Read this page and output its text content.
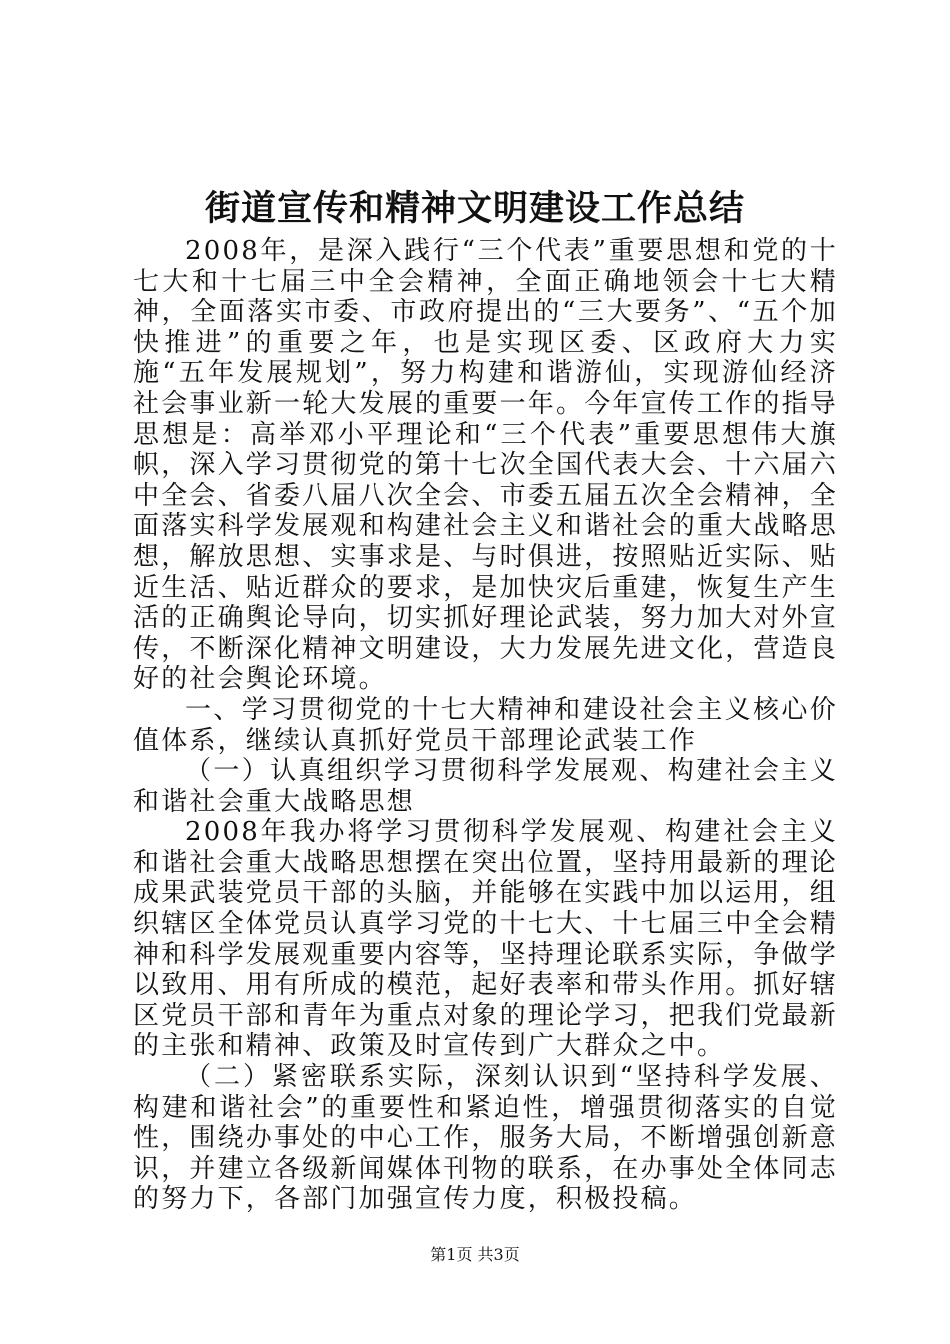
街道宣传和精神文明建设工作总结

2008年，是深入践行“三个代表”重要思想和党的十七大和十七届三中全会精神，全面正确地领会十七大精神，全面落实市委、市政府提出的“三大要务”、“五个加快推进”的重要之年，也是实现区委、区政府大力实施“五年发展规划”，努力构建和谐游仙，实现游仙经济社会事业新一轮大发展的重要一年。今年宣传工作的指导思想是：高举邓小平理论和“三个代表”重要思想伟大旗帜，深入学习贯彻党的第十七次全国代表大会、十六届六中全会、省委八届八次全会、市委五届五次全会精神，全面落实科学发展观和构建社会主义和谐社会的重大战略思想，解放思想、实事求是、与时俱进，按照贴近实际、贴近生活、贴近群众的要求，是加快灾后重建，恢复生产生活的正确舆论导向，切实抓好理论武装，努力加大对外宣传，不断深化精神文明建设，大力发展先进文化，营造良好的社会舆论环境。

一、学习贯彻党的十七大精神和建设社会主义核心价值体系，继续认真抓好党员干部理论武装工作

（一）认真组织学习贯彻科学发展观、构建社会主义和谐社会重大战略思想

2008年我办将学习贯彻科学发展观、构建社会主义和谐社会重大战略思想摆在突出位置，坚持用最新的理论成果武装党员干部的头脑，并能够在实践中加以运用，组织辖区全体党员认真学习党的十七大、十七届三中全会精神和科学发展观重要内容等，坚持理论联系实际，争做学以致用、用有所成的模范，起好表率和带头作用。抓好辖区党员干部和青年为重点对象的理论学习，把我们党最新的主张和精神、政策及时宣传到广大群众之中。

（二）紧密联系实际，深刻认识到“坚持科学发展、构建和谐社会”的重要性和紧迫性，增强贯彻落实的自觉性，围绕办事处的中心工作，服务大局，不断增强创新意识，并建立各级新闻媒体刊物的联系，在办事处全体同志的努力下，各部门加强宣传力度，积极投稿。

第1页 共3页
